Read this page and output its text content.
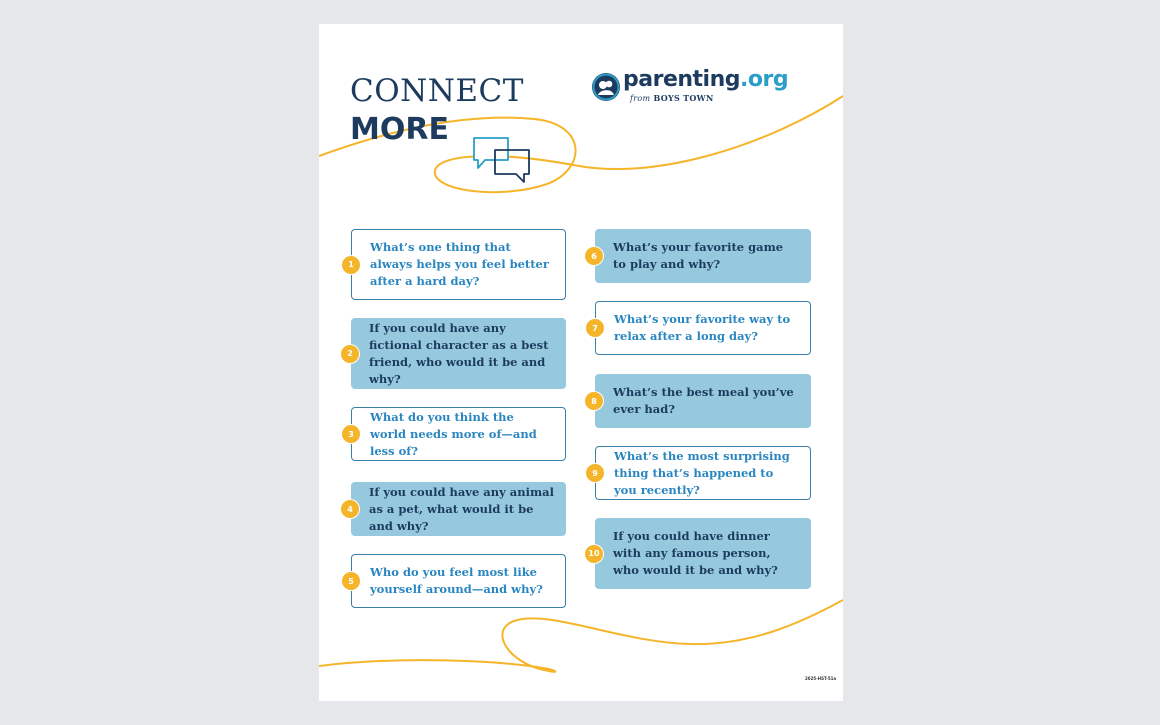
CONNECT
MORE
parenting.org
from BOYS TOWN
1
What’s one thing that always helps you feel better after a hard day?
2
If you could have any fictional character as a best friend, who would it be and why?
3
What do you think the world needs more of—and less of?
4
If you could have any animal as a pet, what would it be and why?
5
Who do you feel most like yourself around—and why?
6
What’s your favorite game to play and why?
7
What’s your favorite way to relax after a long day?
8
What’s the best meal you’ve ever had?
9
What’s the most surprising thing that’s happened to you recently?
10
If you could have dinner with any famous person, who would it be and why?
2025-HST-51a
